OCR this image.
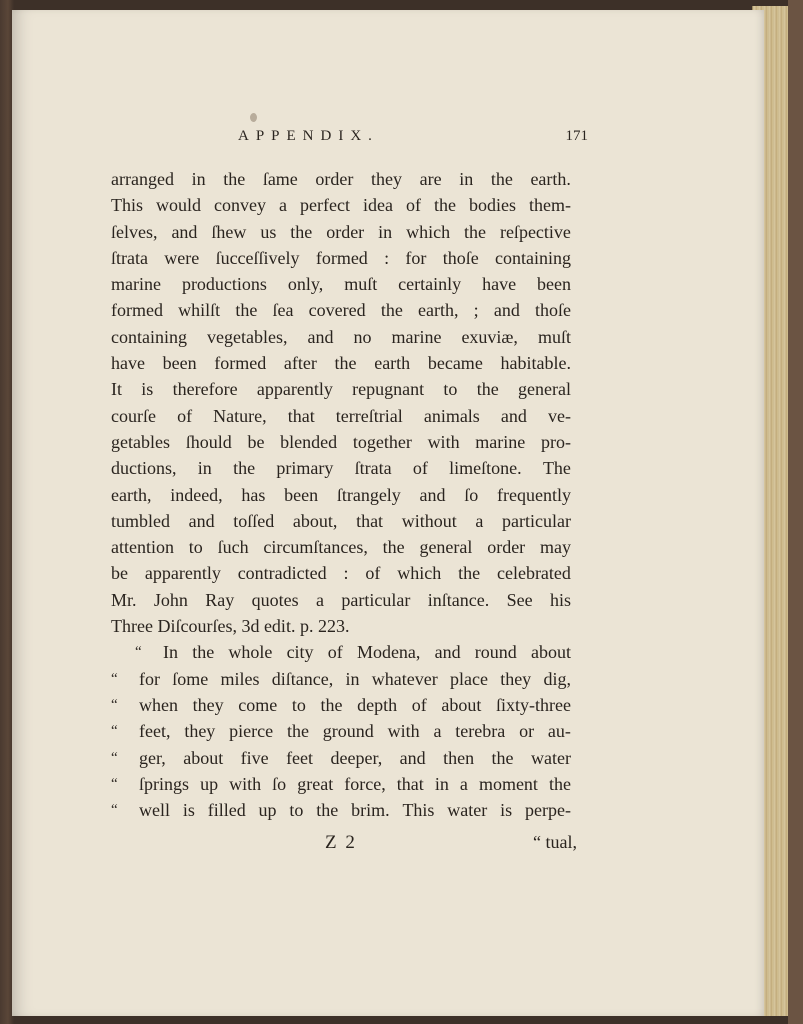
APPENDIX.	171
arranged in the ſame order they are in the earth.
This would convey a perfect idea of the bodies them-
ſelves, and ſhew us the order in which the reſpective
ſtrata were ſucceſſively formed : for thoſe containing
marine productions only, muſt certainly have been
formed whilſt the ſea covered the earth, ; and thoſe
containing vegetables, and no marine exuviæ, muſt
have been formed after the earth became habitable.
It is therefore apparently repugnant to the general
courſe of Nature, that terreſtrial animals and ve-
getables ſhould be blended together with marine pro-
ductions, in the primary ſtrata of limeſtone. The
earth, indeed, has been ſtrangely and ſo frequently
tumbled and toſſed about, that without a particular
attention to ſuch circumſtances, the general order may
be apparently contradicted : of which the celebrated
Mr. John Ray quotes a particular inſtance. See his
Three Diſcourſes, 3d edit. p. 223.
“	In the whole city of Modena, and round about
“	for ſome miles diſtance, in whatever place they dig,
“	when they come to the depth of about ſixty-three
“	feet, they pierce the ground with a terebra or au-
“	ger, about five feet deeper, and then the water
“	ſprings up with ſo great force, that in a moment the
“	well is filled up to the brim. This water is perpe-
Z 2	“ tual,
